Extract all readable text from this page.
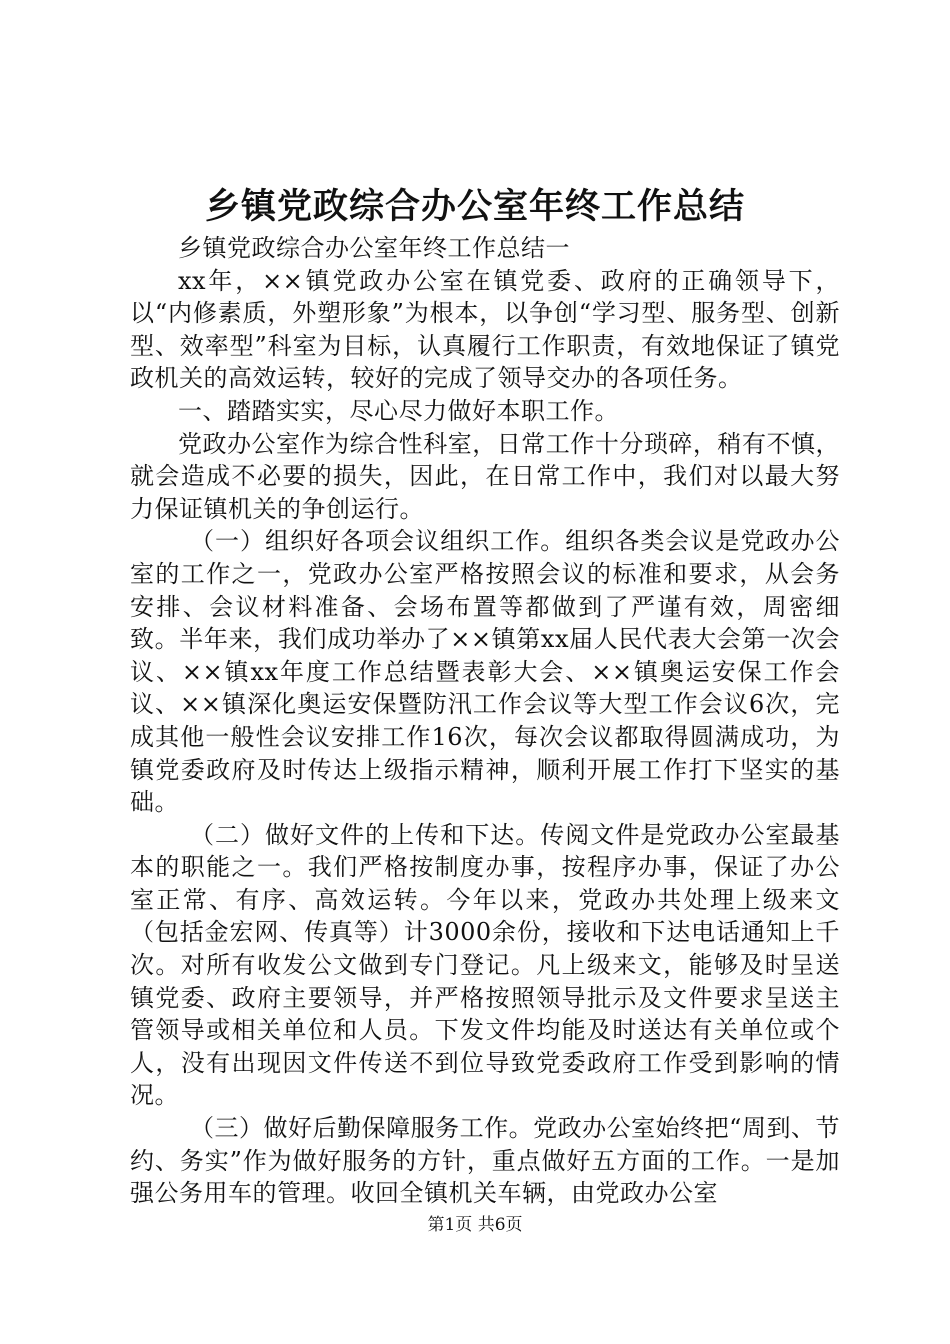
乡镇党政综合办公室年终工作总结

乡镇党政综合办公室年终工作总结一

xx年，××镇党政办公室在镇党委、政府的正确领导下，以“内修素质，外塑形象”为根本，以争创“学习型、服务型、创新型、效率型”科室为目标，认真履行工作职责，有效地保证了镇党政机关的高效运转，较好的完成了领导交办的各项任务。

一、踏踏实实，尽心尽力做好本职工作。

党政办公室作为综合性科室，日常工作十分琐碎，稍有不慎，就会造成不必要的损失，因此，在日常工作中，我们对以最大努力保证镇机关的争创运行。

（一）组织好各项会议组织工作。组织各类会议是党政办公室的工作之一，党政办公室严格按照会议的标准和要求，从会务安排、会议材料准备、会场布置等都做到了严谨有效，周密细致。半年来，我们成功举办了××镇第xx届人民代表大会第一次会议、××镇xx年度工作总结暨表彰大会、××镇奥运安保工作会议、××镇深化奥运安保暨防汛工作会议等大型工作会议6次，完成其他一般性会议安排工作16次，每次会议都取得圆满成功，为镇党委政府及时传达上级指示精神，顺利开展工作打下坚实的基础。

（二）做好文件的上传和下达。传阅文件是党政办公室最基本的职能之一。我们严格按制度办事，按程序办事，保证了办公室正常、有序、高效运转。今年以来，党政办共处理上级来文（包括金宏网、传真等）计3000余份，接收和下达电话通知上千次。对所有收发公文做到专门登记。凡上级来文，能够及时呈送镇党委、政府主要领导，并严格按照领导批示及文件要求呈送主管领导或相关单位和人员。下发文件均能及时送达有关单位或个人，没有出现因文件传送不到位导致党委政府工作受到影响的情况。

（三）做好后勤保障服务工作。党政办公室始终把“周到、节约、务实”作为做好服务的方针，重点做好五方面的工作。一是加强公务用车的管理。收回全镇机关车辆，由党政办公室

第1页 共6页
